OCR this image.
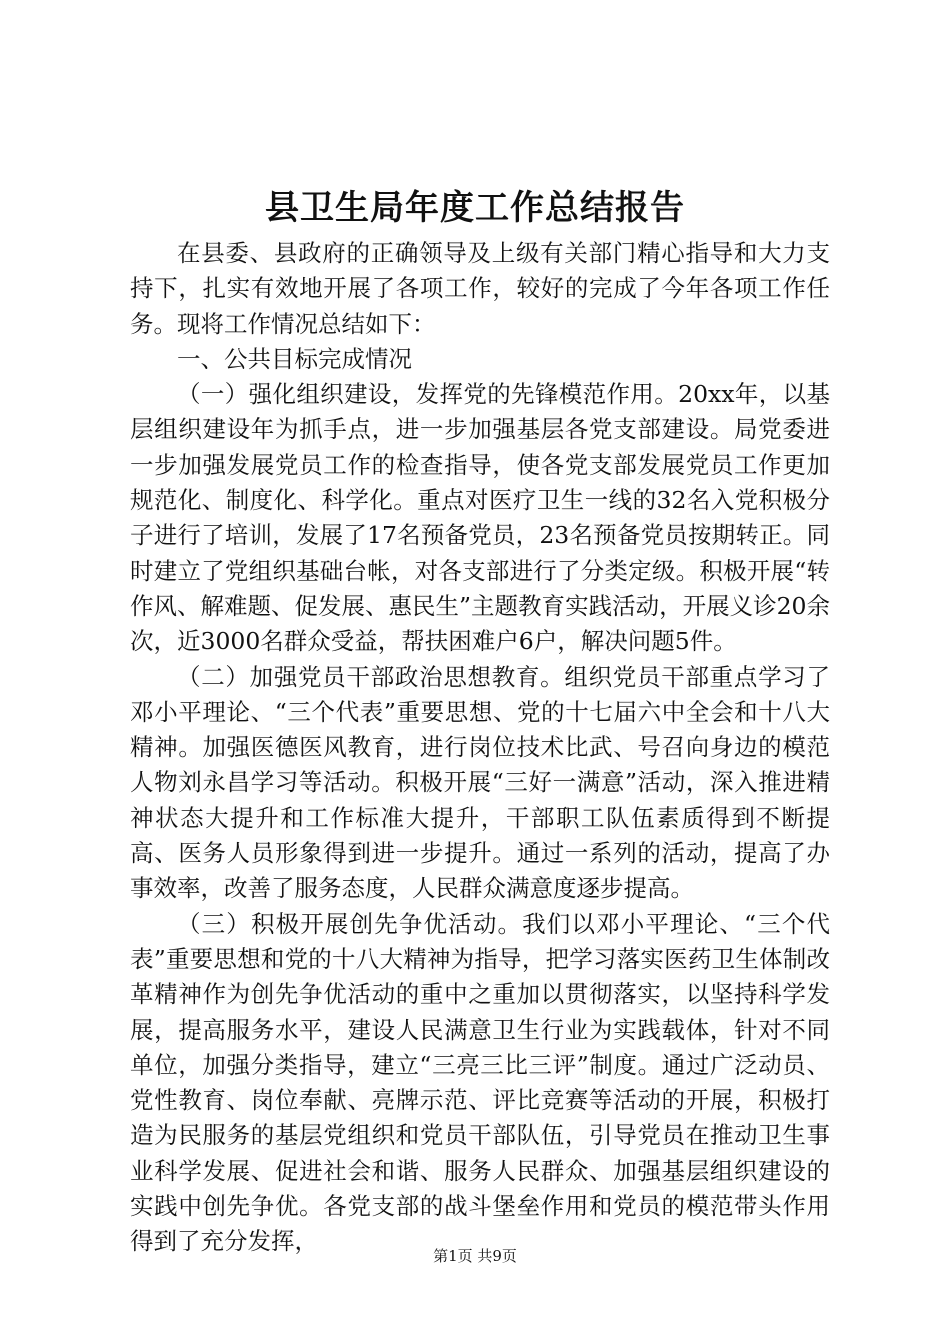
县卫生局年度工作总结报告

在县委、县政府的正确领导及上级有关部门精心指导和大力支持下，扎实有效地开展了各项工作，较好的完成了今年各项工作任务。现将工作情况总结如下：

一、公共目标完成情况

（一）强化组织建设，发挥党的先锋模范作用。20xx年，以基层组织建设年为抓手点，进一步加强基层各党支部建设。局党委进一步加强发展党员工作的检查指导，使各党支部发展党员工作更加规范化、制度化、科学化。重点对医疗卫生一线的32名入党积极分子进行了培训，发展了17名预备党员，23名预备党员按期转正。同时建立了党组织基础台帐，对各支部进行了分类定级。积极开展“转作风、解难题、促发展、惠民生”主题教育实践活动，开展义诊20余次，近3000名群众受益，帮扶困难户6户，解决问题5件。

（二）加强党员干部政治思想教育。组织党员干部重点学习了邓小平理论、“三个代表”重要思想、党的十七届六中全会和十八大精神。加强医德医风教育，进行岗位技术比武、号召向身边的模范人物刘永昌学习等活动。积极开展“三好一满意”活动，深入推进精神状态大提升和工作标准大提升，干部职工队伍素质得到不断提高、医务人员形象得到进一步提升。通过一系列的活动，提高了办事效率，改善了服务态度，人民群众满意度逐步提高。

（三）积极开展创先争优活动。我们以邓小平理论、“三个代表”重要思想和党的十八大精神为指导，把学习落实医药卫生体制改革精神作为创先争优活动的重中之重加以贯彻落实，以坚持科学发展，提高服务水平，建设人民满意卫生行业为实践载体，针对不同单位，加强分类指导，建立“三亮三比三评”制度。通过广泛动员、党性教育、岗位奉献、亮牌示范、评比竞赛等活动的开展，积极打造为民服务的基层党组织和党员干部队伍，引导党员在推动卫生事业科学发展、促进社会和谐、服务人民群众、加强基层组织建设的实践中创先争优。各党支部的战斗堡垒作用和党员的模范带头作用得到了充分发挥，

第1页 共9页
